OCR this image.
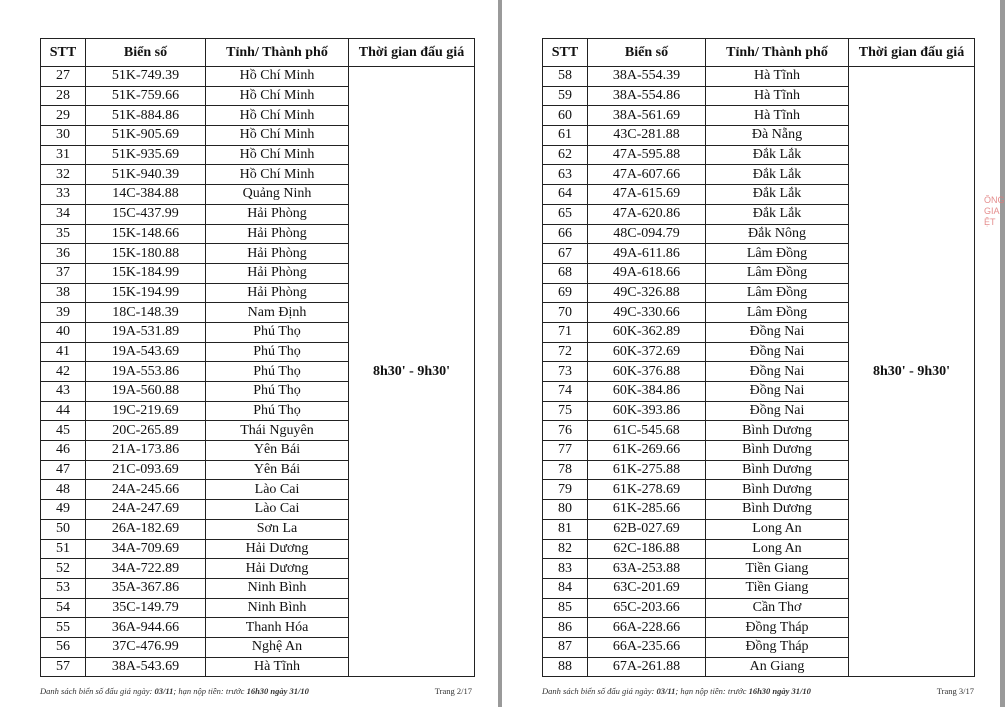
STT	Biển số	Tỉnh/ Thành phố	Thời gian đấu giá
27	51K-749.39	Hồ Chí Minh	8h30' - 9h30'
28	51K-759.66	Hồ Chí Minh	
29	51K-884.86	Hồ Chí Minh	
30	51K-905.69	Hồ Chí Minh	
31	51K-935.69	Hồ Chí Minh	
32	51K-940.39	Hồ Chí Minh	
33	14C-384.88	Quảng Ninh	
34	15C-437.99	Hải Phòng	
35	15K-148.66	Hải Phòng	
36	15K-180.88	Hải Phòng	
37	15K-184.99	Hải Phòng	
38	15K-194.99	Hải Phòng	
39	18C-148.39	Nam Định	
40	19A-531.89	Phú Thọ	
41	19A-543.69	Phú Thọ	
42	19A-553.86	Phú Thọ	
43	19A-560.88	Phú Thọ	
44	19C-219.69	Phú Thọ	
45	20C-265.89	Thái Nguyên	
46	21A-173.86	Yên Bái	
47	21C-093.69	Yên Bái	
48	24A-245.66	Lào Cai	
49	24A-247.69	Lào Cai	
50	26A-182.69	Sơn La	
51	34A-709.69	Hải Dương	
52	34A-722.89	Hải Dương	
53	35A-367.86	Ninh Bình	
54	35C-149.79	Ninh Bình	
55	36A-944.66	Thanh Hóa	
56	37C-476.99	Nghệ An	
57	38A-543.69	Hà Tĩnh	
Danh sách biển số đấu giá ngày: 03/11; hạn nộp tiền: trước 16h30 ngày 31/10	Trang 2/17
STT	Biển số	Tỉnh/ Thành phố	Thời gian đấu giá
58	38A-554.39	Hà Tĩnh	8h30' - 9h30'
59	38A-554.86	Hà Tĩnh	
60	38A-561.69	Hà Tĩnh	
61	43C-281.88	Đà Nẵng	
62	47A-595.88	Đắk Lắk	
63	47A-607.66	Đắk Lắk	
64	47A-615.69	Đắk Lắk	
65	47A-620.86	Đắk Lắk	
66	48C-094.79	Đắk Nông	
67	49A-611.86	Lâm Đồng	
68	49A-618.66	Lâm Đồng	
69	49C-326.88	Lâm Đồng	
70	49C-330.66	Lâm Đồng	
71	60K-362.89	Đồng Nai	
72	60K-372.69	Đồng Nai	
73	60K-376.88	Đồng Nai	
74	60K-384.86	Đồng Nai	
75	60K-393.86	Đồng Nai	
76	61C-545.68	Bình Dương	
77	61K-269.66	Bình Dương	
78	61K-275.88	Bình Dương	
79	61K-278.69	Bình Dương	
80	61K-285.66	Bình Dương	
81	62B-027.69	Long An	
82	62C-186.88	Long An	
83	63A-253.88	Tiền Giang	
84	63C-201.69	Tiền Giang	
85	65C-203.66	Cần Thơ	
86	66A-228.66	Đồng Tháp	
87	66A-235.66	Đồng Tháp	
88	67A-261.88	An Giang	
Danh sách biển số đấu giá ngày: 03/11; hạn nộp tiền: trước 16h30 ngày 31/10	Trang 3/17
ÔNG GIA ỆT
